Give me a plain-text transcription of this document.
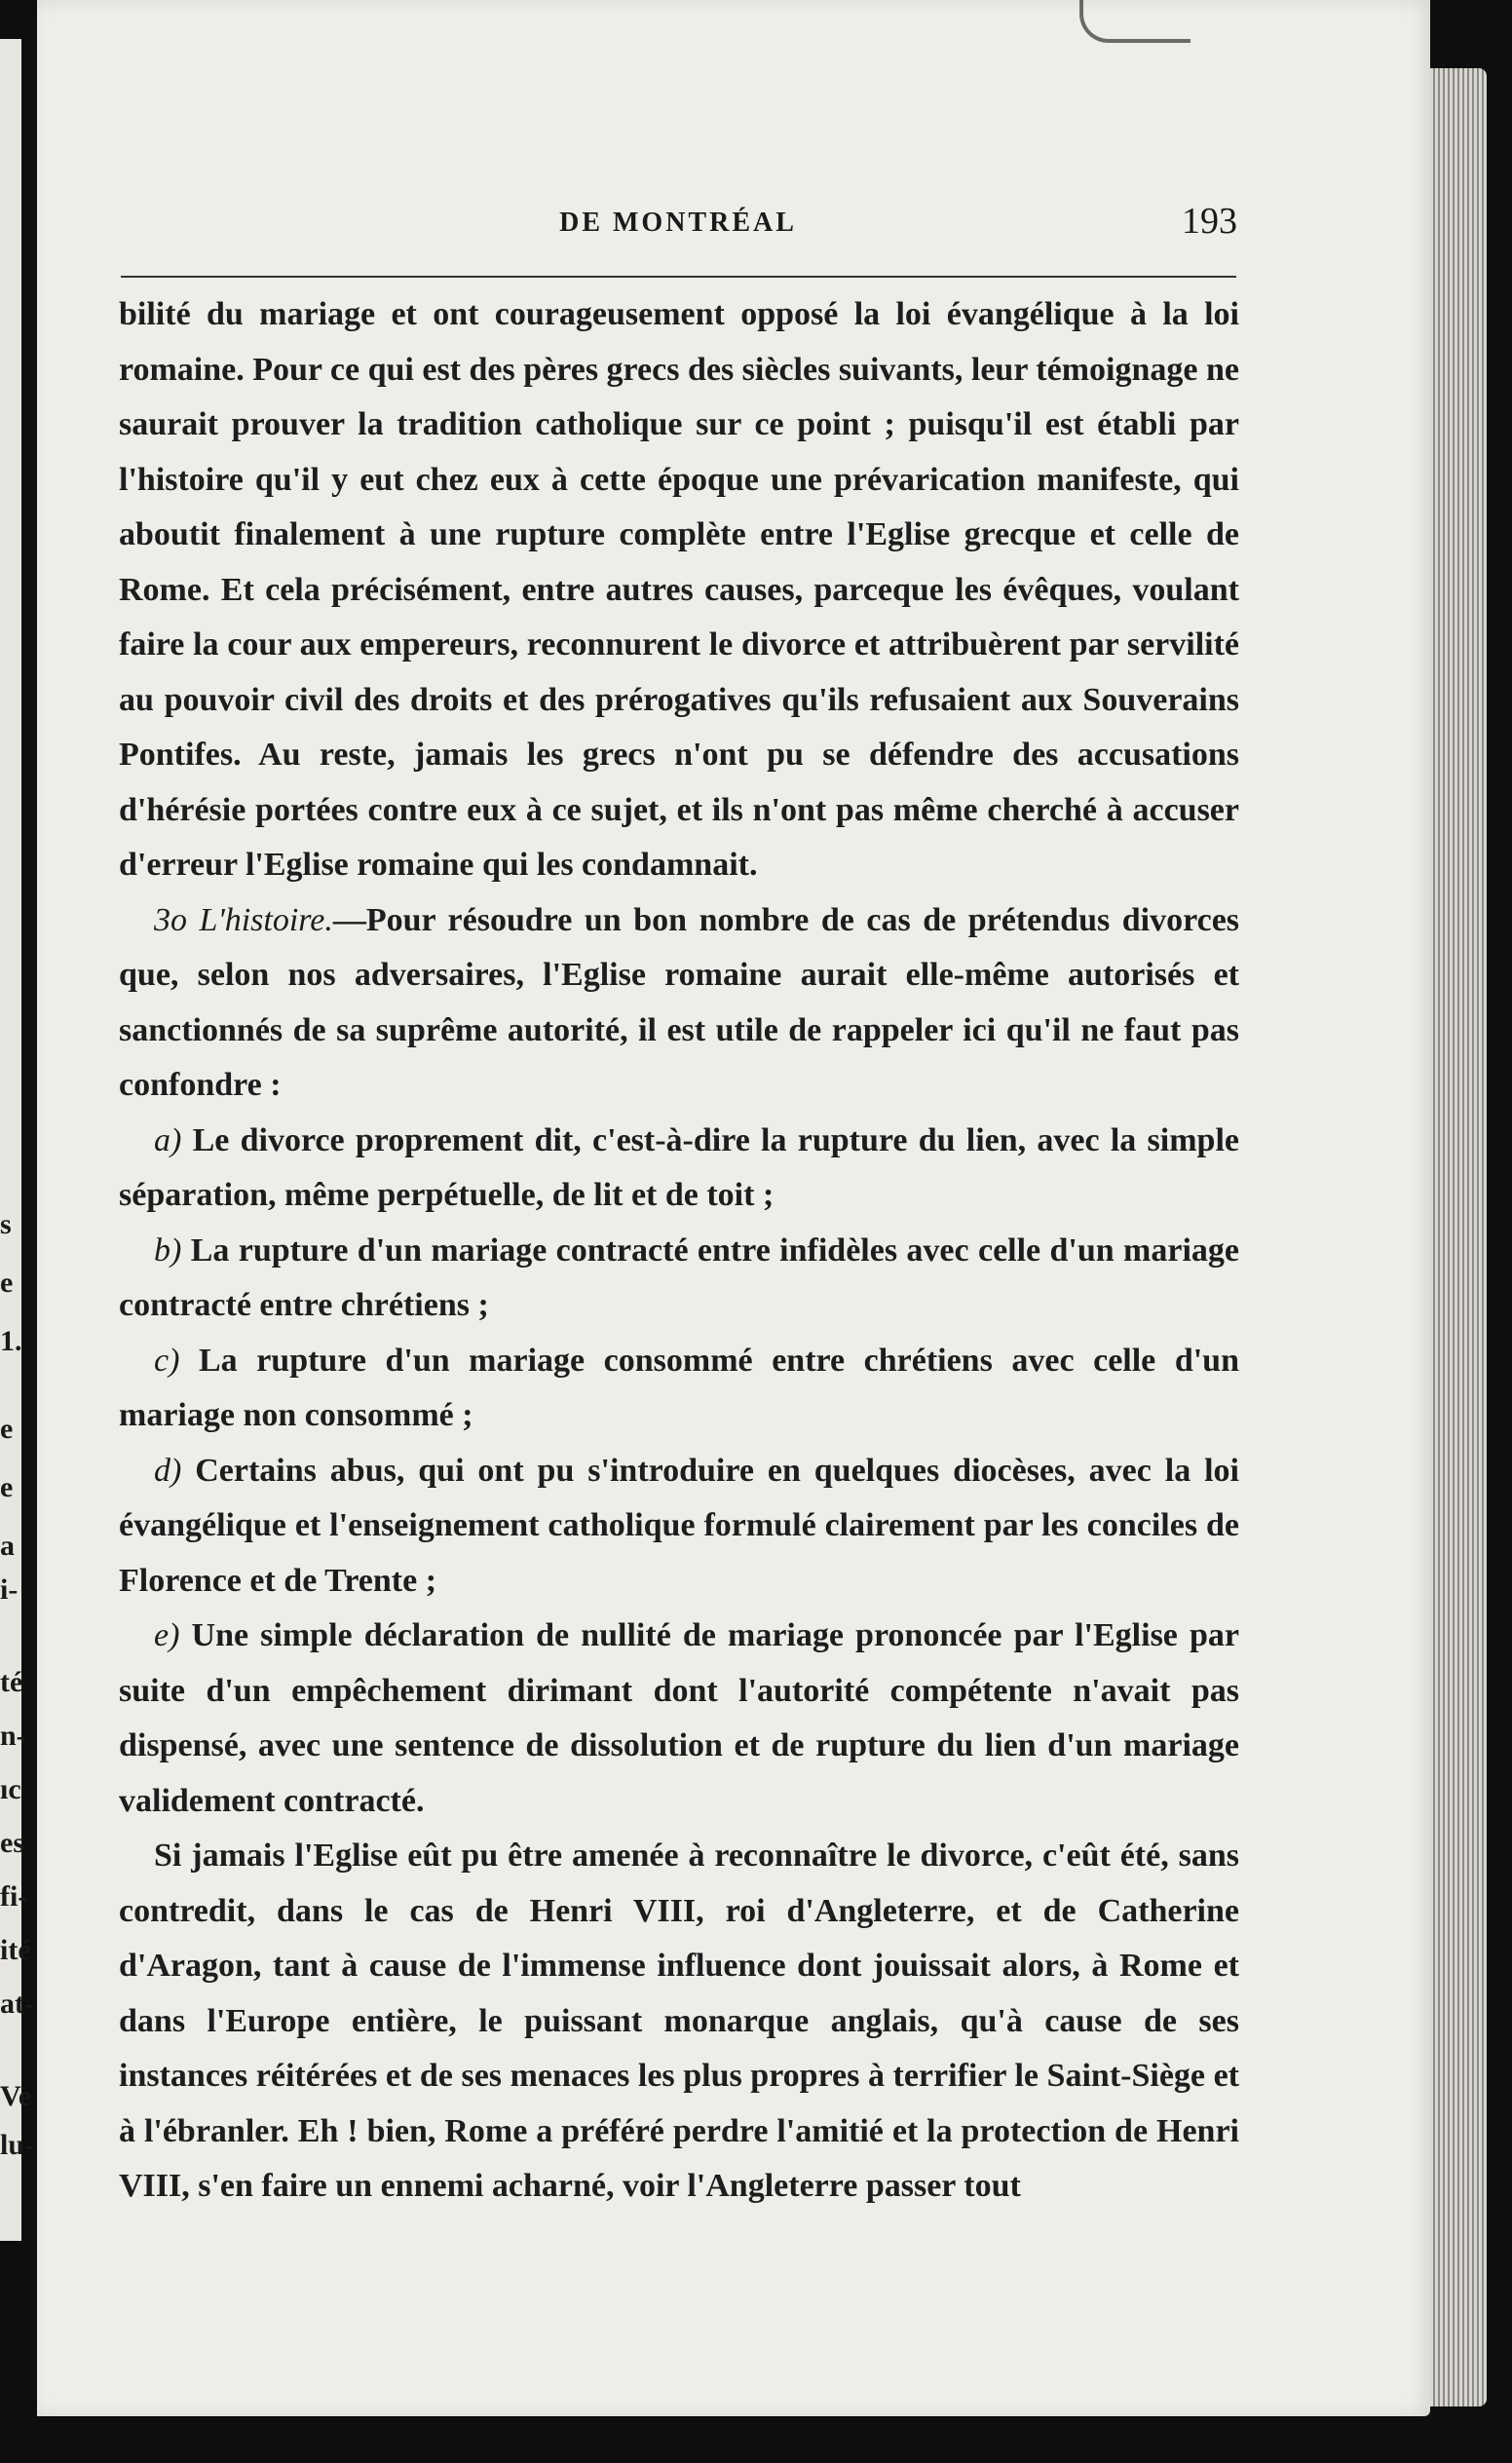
s
e
1.
e
e
a
i-
té
n-
ıc
es
fi-
ité
at-
Ve
lu-
DE MONTRÉAL	193

bilité du mariage et ont courageusement opposé la loi évangélique à la loi romaine. Pour ce qui est des pères grecs des siècles suivants, leur témoignage ne saurait prouver la tradition catholique sur ce point ; puisqu'il est établi par l'histoire qu'il y eut chez eux à cette époque une prévarication manifeste, qui aboutit finalement à une rupture complète entre l'Eglise grecque et celle de Rome. Et cela précisément, entre autres causes, parceque les évêques, voulant faire la cour aux empereurs, reconnurent le divorce et attribuèrent par servilité au pouvoir civil des droits et des prérogatives qu'ils refusaient aux Souverains Pontifes. Au reste, jamais les grecs n'ont pu se défendre des accusations d'hérésie portées contre eux à ce sujet, et ils n'ont pas même cherché à accuser d'erreur l'Eglise romaine qui les condamnait.

3o L'histoire.—Pour résoudre un bon nombre de cas de prétendus divorces que, selon nos adversaires, l'Eglise romaine aurait elle-même autorisés et sanctionnés de sa suprême autorité, il est utile de rappeler ici qu'il ne faut pas confondre :

a) Le divorce proprement dit, c'est-à-dire la rupture du lien, avec la simple séparation, même perpétuelle, de lit et de toit ;

b) La rupture d'un mariage contracté entre infidèles avec celle d'un mariage contracté entre chrétiens ;

c) La rupture d'un mariage consommé entre chrétiens avec celle d'un mariage non consommé ;

d) Certains abus, qui ont pu s'introduire en quelques diocèses, avec la loi évangélique et l'enseignement catholique formulé clairement par les conciles de Florence et de Trente ;

e) Une simple déclaration de nullité de mariage prononcée par l'Eglise par suite d'un empêchement dirimant dont l'autorité compétente n'avait pas dispensé, avec une sentence de dissolution et de rupture du lien d'un mariage validement contracté.

Si jamais l'Eglise eût pu être amenée à reconnaître le divorce, c'eût été, sans contredit, dans le cas de Henri VIII, roi d'Angleterre, et de Catherine d'Aragon, tant à cause de l'immense influence dont jouissait alors, à Rome et dans l'Europe entière, le puissant monarque anglais, qu'à cause de ses instances réitérées et de ses menaces les plus propres à terrifier le Saint-Siège et à l'ébranler. Eh ! bien, Rome a préféré perdre l'amitié et la protection de Henri VIII, s'en faire un ennemi acharné, voir l'Angleterre passer tout
